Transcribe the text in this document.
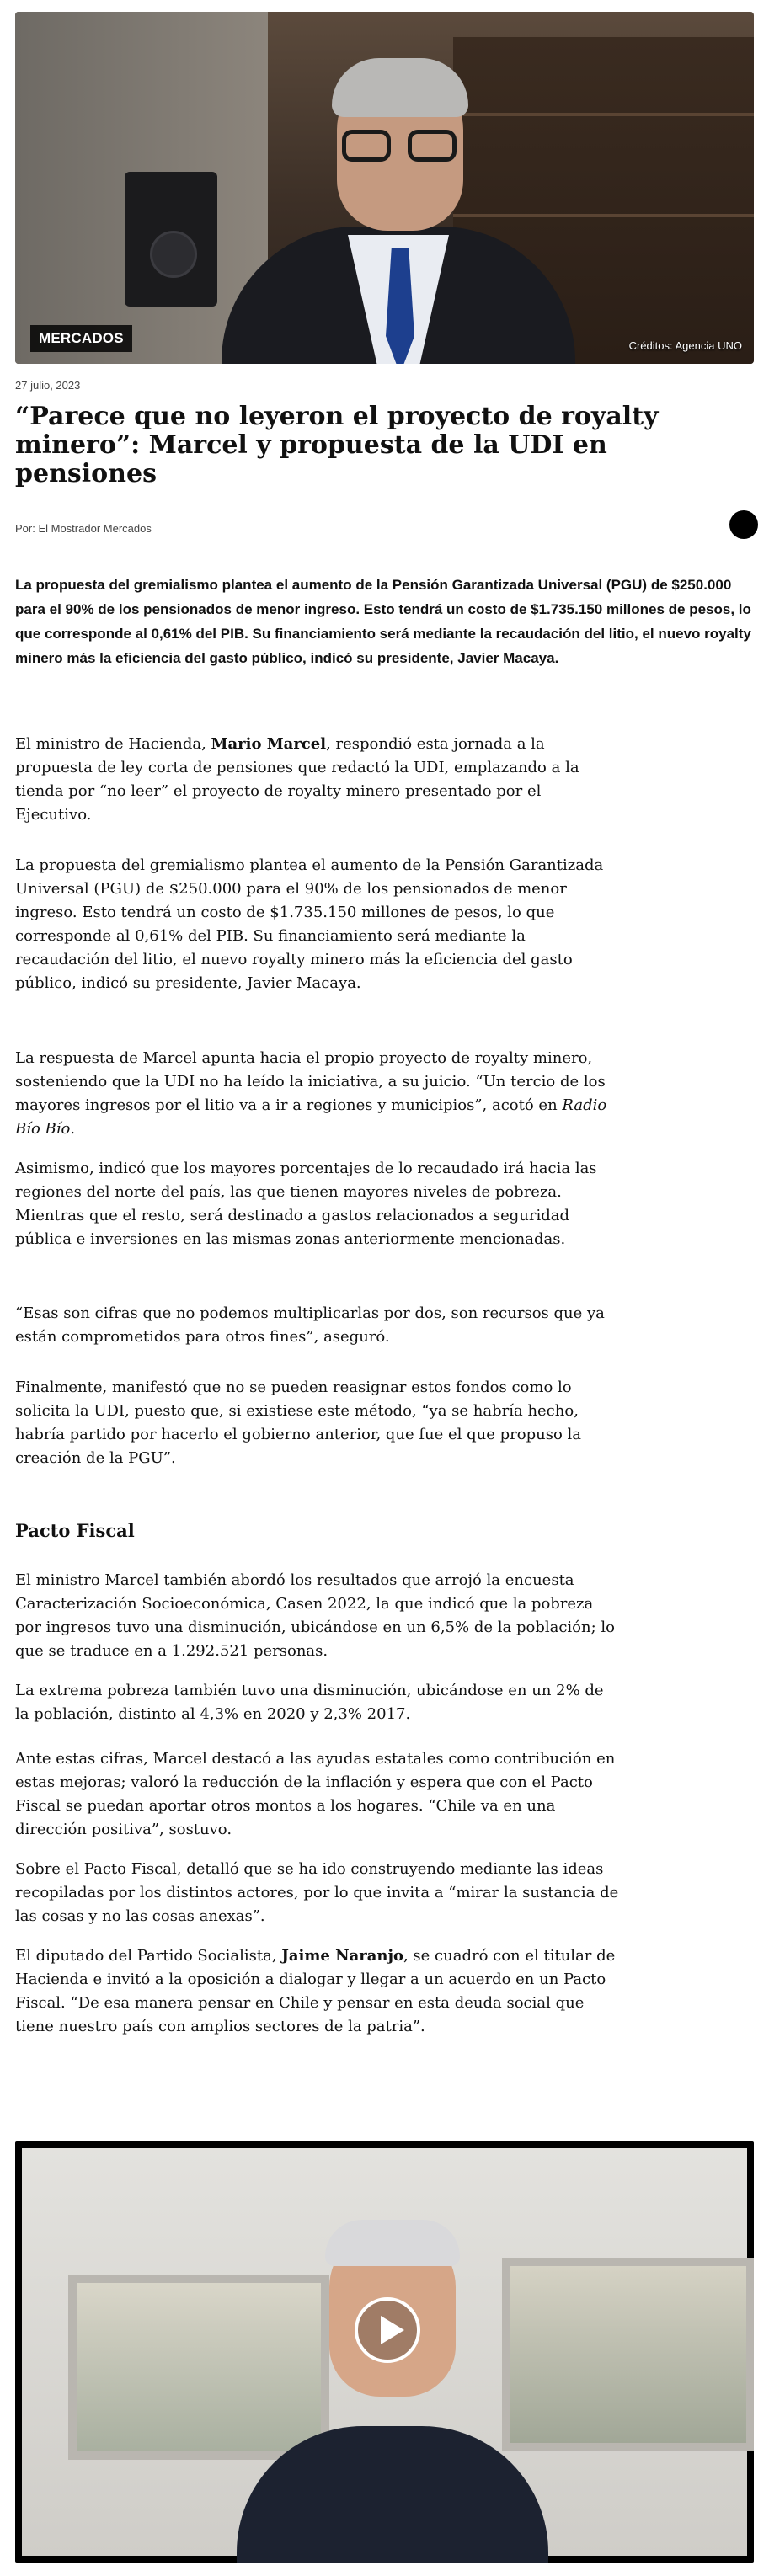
MERCADOS	Créditos: Agencia UNO
27 julio, 2023
“Parece que no leyeron el proyecto de royalty minero”: Marcel y propuesta de la UDI en pensiones
Por: El Mostrador Mercados

La propuesta del gremialismo plantea el aumento de la Pensión Garantizada Universal (PGU) de $250.000 para el 90% de los pensionados de menor ingreso. Esto tendrá un costo de $1.735.150 millones de pesos, lo que corresponde al 0,61% del PIB. Su financiamiento será mediante la recaudación del litio, el nuevo royalty minero más la eficiencia del gasto público, indicó su presidente, Javier Macaya.

El ministro de Hacienda, Mario Marcel, respondió esta jornada a la propuesta de ley corta de pensiones que redactó la UDI, emplazando a la tienda por “no leer” el proyecto de royalty minero presentado por el Ejecutivo.

La propuesta del gremialismo plantea el aumento de la Pensión Garantizada Universal (PGU) de $250.000 para el 90% de los pensionados de menor ingreso. Esto tendrá un costo de $1.735.150 millones de pesos, lo que corresponde al 0,61% del PIB. Su financiamiento será mediante la recaudación del litio, el nuevo royalty minero más la eficiencia del gasto público, indicó su presidente, Javier Macaya.

La respuesta de Marcel apunta hacia el propio proyecto de royalty minero, sosteniendo que la UDI no ha leído la iniciativa, a su juicio. “Un tercio de los mayores ingresos por el litio va a ir a regiones y municipios”, acotó en Radio Bío Bío.

Asimismo, indicó que los mayores porcentajes de lo recaudado irá hacia las regiones del norte del país, las que tienen mayores niveles de pobreza. Mientras que el resto, será destinado a gastos relacionados a seguridad pública e inversiones en las mismas zonas anteriormente mencionadas.

“Esas son cifras que no podemos multiplicarlas por dos, son recursos que ya están comprometidos para otros fines”, aseguró.

Finalmente, manifestó que no se pueden reasignar estos fondos como lo solicita la UDI, puesto que, si existiese este método, “ya se habría hecho, habría partido por hacerlo el gobierno anterior, que fue el que propuso la creación de la PGU”.

Pacto Fiscal

El ministro Marcel también abordó los resultados que arrojó la encuesta Caracterización Socioeconómica, Casen 2022, la que indicó que la pobreza por ingresos tuvo una disminución, ubicándose en un 6,5% de la población; lo que se traduce en a 1.292.521 personas.

La extrema pobreza también tuvo una disminución, ubicándose en un 2% de la población, distinto al 4,3% en 2020 y 2,3% 2017.

Ante estas cifras, Marcel destacó a las ayudas estatales como contribución en estas mejoras; valoró la reducción de la inflación y espera que con el Pacto Fiscal se puedan aportar otros montos a los hogares. “Chile va en una dirección positiva”, sostuvo.

Sobre el Pacto Fiscal, detalló que se ha ido construyendo mediante las ideas recopiladas por los distintos actores, por lo que invita a “mirar la sustancia de las cosas y no las cosas anexas”.

El diputado del Partido Socialista, Jaime Naranjo, se cuadró con el titular de Hacienda e invitó a la oposición a dialogar y llegar a un acuerdo en un Pacto Fiscal. “De esa manera pensar en Chile y pensar en esta deuda social que tiene nuestro país con amplios sectores de la patria”.
